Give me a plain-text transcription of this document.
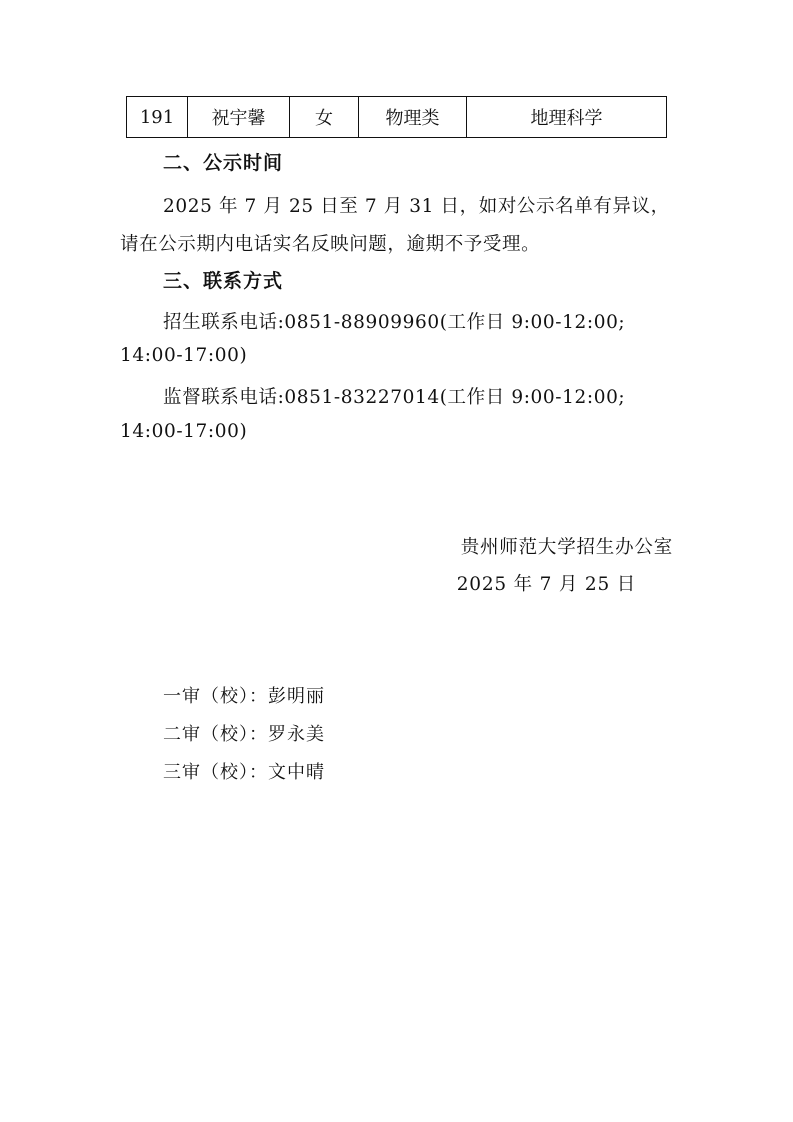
191	祝宇馨	女	物理类	地理科学
二、公示时间
2025 年 7 月 25 日至 7 月 31 日，如对公示名单有异议，
请在公示期内电话实名反映问题，逾期不予受理。
三、联系方式
招生联系电话:0851-88909960(工作日 9:00-12:00;
14:00-17:00)
监督联系电话:0851-83227014(工作日 9:00-12:00;
14:00-17:00)
贵州师范大学招生办公室
2025 年 7 月 25 日
一审（校）：彭明丽
二审（校）：罗永美
三审（校）：文中晴
